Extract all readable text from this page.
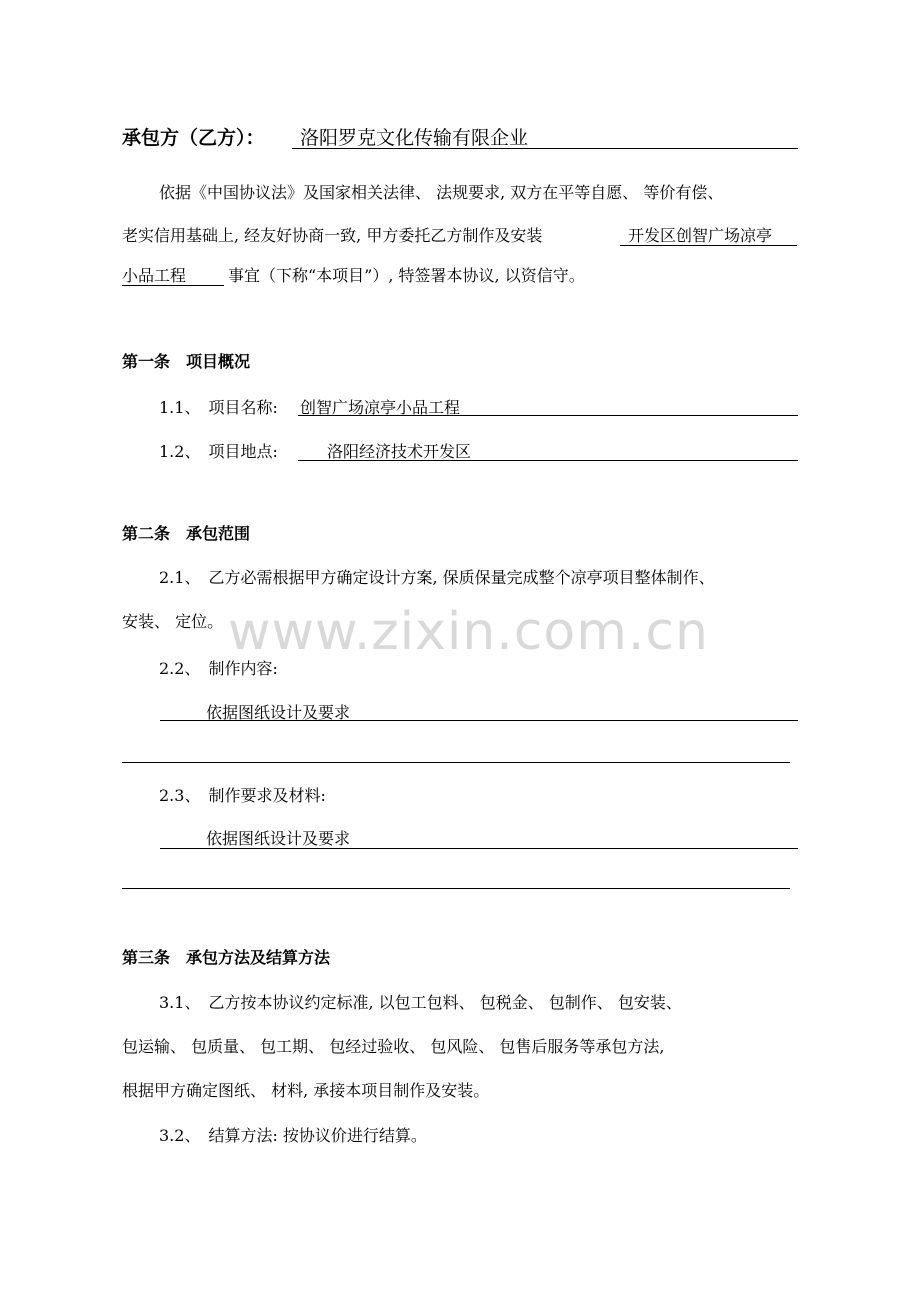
承包方（乙方）： 洛阳罗克文化传输有限企业
依据《中国协议法》及国家相关法律、 法规要求, 双方在平等自愿、 等价有偿、
老实信用基础上, 经友好协商一致, 甲方委托乙方制作及安装	开发区创智广场凉亭
小品工程	事宜（下称“本项目”）, 特签署本协议, 以资信守。
第一条　项目概况
1.1、　项目名称: 创智广场凉亭小品工程
1.2、　项目地点:	洛阳经济技术开发区
第二条　承包范围
2.1、　乙方必需根据甲方确定设计方案, 保质保量完成整个凉亭项目整体制作、
安装、 定位。
2.2、　制作内容:
依据图纸设计及要求
2.3、　制作要求及材料:
依据图纸设计及要求
第三条　承包方法及结算方法
3.1、　乙方按本协议约定标准, 以包工包料、 包税金、 包制作、 包安装、
包运输、 包质量、 包工期、 包经过验收、 包风险、 包售后服务等承包方法,
根据甲方确定图纸、 材料, 承接本项目制作及安装。
3.2、　结算方法: 按协议价进行结算。
www.zixin.com.cn
